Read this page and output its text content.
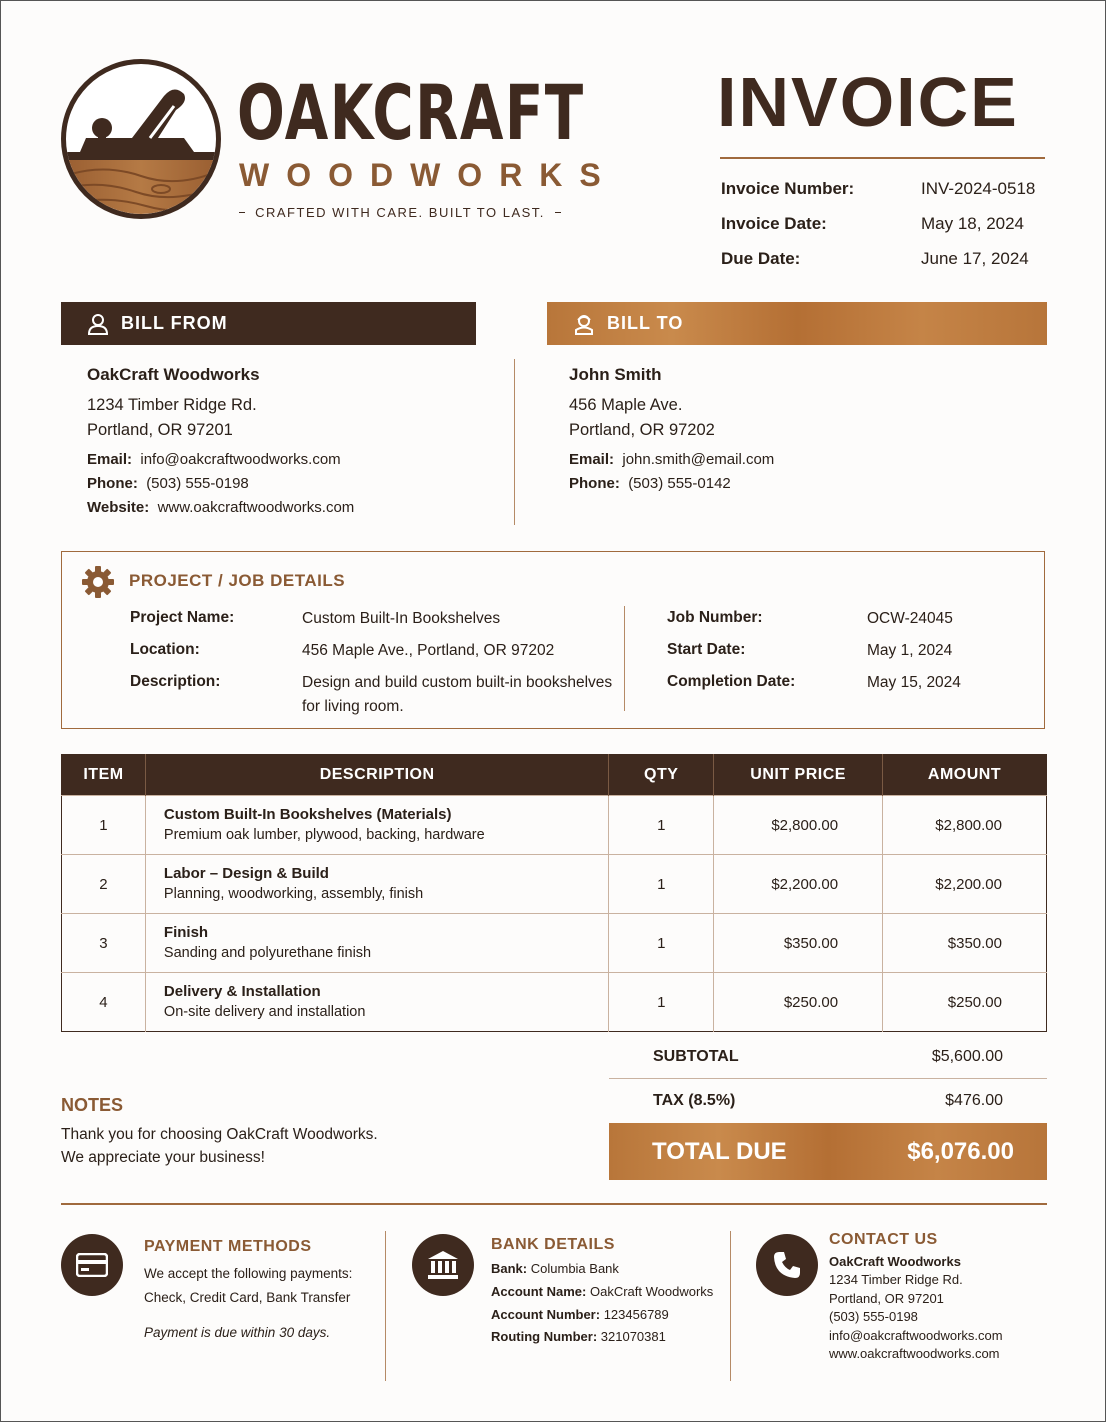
OAKCRAFT
WOODWORKS
CRAFTED WITH CARE. BUILT TO LAST.
INVOICE
Invoice Number:	INV-2024-0518
Invoice Date:	May 18, 2024
Due Date:	June 17, 2024
BILL FROM	BILL TO
OakCraft Woodworks
1234 Timber Ridge Rd.
Portland, OR 97201
Email: info@oakcraftwoodworks.com
Phone: (503) 555-0198
Website: www.oakcraftwoodworks.com
John Smith
456 Maple Ave.
Portland, OR 97202
Email: john.smith@email.com
Phone: (503) 555-0142
PROJECT / JOB DETAILS
Project Name:	Custom Built-In Bookshelves
Location:	456 Maple Ave., Portland, OR 97202
Description:	Design and build custom built-in bookshelves
for living room.
Job Number:	OCW-24045
Start Date:	May 1, 2024
Completion Date:	May 15, 2024
ITEM	DESCRIPTION	QTY	UNIT PRICE	AMOUNT
1	Custom Built-In Bookshelves (Materials)
Premium oak lumber, plywood, backing, hardware	1	$2,800.00	$2,800.00
2	Labor – Design & Build
Planning, woodworking, assembly, finish	1	$2,200.00	$2,200.00
3	Finish
Sanding and polyurethane finish	1	$350.00	$350.00
4	Delivery & Installation
On-site delivery and installation	1	$250.00	$250.00
SUBTOTAL	$5,600.00
TAX (8.5%)	$476.00
TOTAL DUE	$6,076.00
NOTES
Thank you for choosing OakCraft Woodworks.
We appreciate your business!
PAYMENT METHODS
We accept the following payments:
Check, Credit Card, Bank Transfer
Payment is due within 30 days.
BANK DETAILS
Bank: Columbia Bank
Account Name: OakCraft Woodworks
Account Number: 123456789
Routing Number: 321070381
CONTACT US
OakCraft Woodworks
1234 Timber Ridge Rd.
Portland, OR 97201
(503) 555-0198
info@oakcraftwoodworks.com
www.oakcraftwoodworks.com
